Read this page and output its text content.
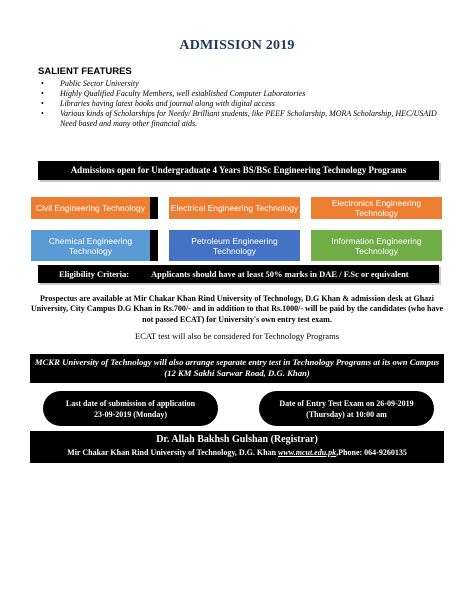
ADMISSION 2019
SALIENT FEATURES
• Public Sector University
• Highly Qualified Faculty Members, well established Computer Laboratories
• Libraries having latest books and journal along with digital access
• Various kinds of Scholarships for Needy/ Brilliant students, like PEEF Scholarship, MORA Scholarship, HEC/USAID Need based and many other financial aids.
Admissions open for Undergraduate 4 Years BS/BSc Engineering Technology Programs
Civil Engineering Technology	Electrical Engineering Technology	Electronics Engineering Technology
Chemical Engineering Technology
Petroleum Engineering Technology
Information Engineering Technology
Eligibility Criteria:	Applicants should have at least 50% marks in DAE / F.Sc or equivalent
Prospectus are available at Mir Chakar Khan Rind University of Technology, D.G Khan & admission desk at Ghazi University, City Campus D.G Khan in Rs.700/- and in addition to that Rs.1000/- will be paid by the candidates (who have not passed ECAT) for University's own entry test exam.
ECAT test will also be considered for Technology Programs
MCKR University of Technology will also arrange separate entry test in Technology Programs at its own Campus (12 KM Sakhi Sarwar Road, D.G. Khan)
Last date of submission of application
23-09-2019 (Monday)
Date of Entry Test Exam on 26-09-2019
(Thursday) at 10:00 am
Dr. Allah Bakhsh Gulshan (Registrar)
Mir Chakar Khan Rind University of Technology, D.G. Khan www.mcut.edu.pk,Phone: 064-9260135
